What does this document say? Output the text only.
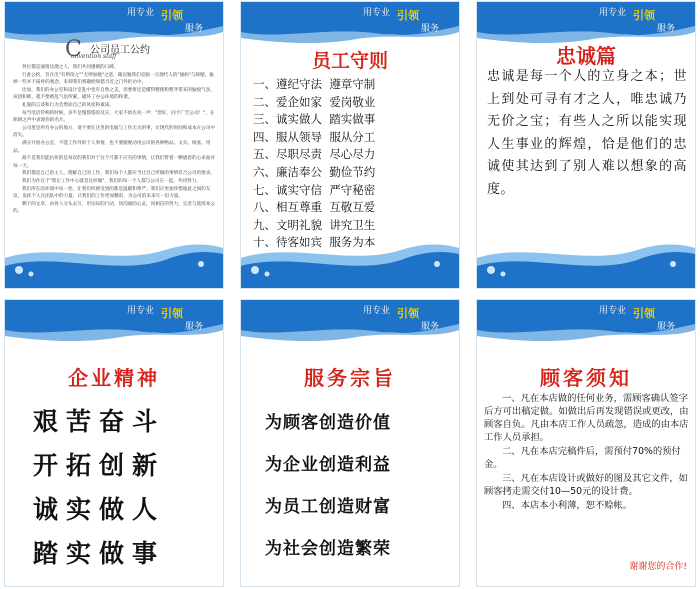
用专业 引领
服务
C 公司员工公约
onvention staff

各位都是通情达理之人，我们共同遵循的口碑。

行此公约，旨在出"有则改之""无则加勉"之意，藉以勉我们克服一点现代人的"通病"与缺憾，拔掉一些并不质朴的观念，来抑我们将趣绘和错习近之门外拒访中。

比如，我们的办公室和设计室乱中也有自然之美，但要将还是懂得整理和整齐带来的愉悦气氛，该团和睦，就不要被乱气氛所累，破坏了办公环境的和谐。

礼貌的言谈和行为会增添自己的风度和素质。

每当电话铃响的时候，多半是慢悠悠的反应，大家不妨先说一声："您好，同卡广告公司！"，在朗朗之声中表现你的名片。

公司里是所有办公的地方，请不要在这里的电脑与工作无关的事，让现代的时间和成本在公司中消失。

满分开放办公室，不能工作外的个人事情，也不要随便动用公司的各种物品、文具、纸张、用品。

最不是我们能抗拒的是每次的我们对于这个月都不应有的事情，让我们带着一颗感恩的心来面对每一天。

我们都是自己的主人，理解自己的工作，我们每个人都应当让自己所做的事情符合公司的要求。

我们为作在于"我让工作中心就是这样做"，我们的每一个人都与公司在一起，共同努力。

我们所在的环境中每一处，让我们所感受到的都是温暖和尊严。我们应更加珍惜彼此之间的友谊，发挥个人在团队中的力量，让我们的工作更加精彩，为公司的未来尽一份力量。

剩下的文章，由各人分头去写，用实际的行动，同沟通的心灵，同相信的努力，完善与延续本公约。

用专业 引领
服务
员工守则
一、遵纪守法 遵章守制
二、爱企如家 爱岗敬业
三、诚实做人 踏实做事
四、服从领导 服从分工
五、尽职尽责 尽心尽力
六、廉洁奉公 勤俭节约
七、诚实守信 严守秘密
八、相互尊重 互敬互爱
九、文明礼貌 讲究卫生
十、待客如宾 服务为本
用专业 引领
服务
忠诚篇
忠诚是每一个人的立身之本；世上到处可寻有才之人，唯忠诚乃无价之宝；有些人之所以能实现人生事业的辉煌，恰是他们的忠诚使其达到了别人难以想象的高度。
用专业 引领
服务
企业精神
艰苦奋斗
开拓创新
诚实做人
踏实做事
用专业 引领
服务
服务宗旨
为顾客创造价值
为企业创造利益
为员工创造财富
为社会创造繁荣
用专业 引领
服务
顾客须知

一、凡在本店做的任何业务，需顾客确认签字后方可出稿定做。如做出后再发现错误或更改，由顾客自负。凡由本店工作人员疏忽，造成的由本店工作人员承担。

二、凡在本店完稿件后，需预付70%的预付金。

三、凡在本店设计或做好的图及其它文件，如顾客拷走需交付10—50元的设计费。

四、本店本小利薄，恕不赊帐。

谢谢您的合作!
